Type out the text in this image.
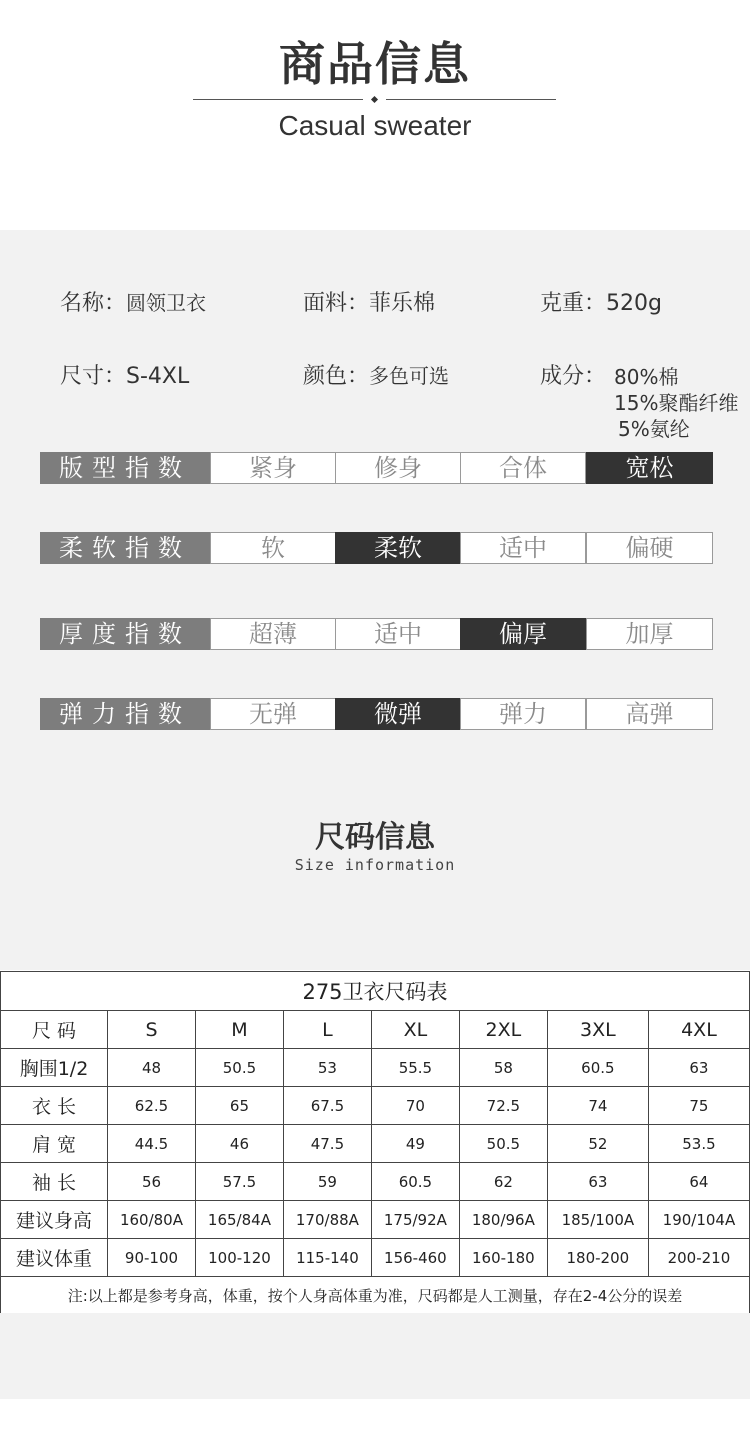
商品信息
Casual sweater
名称：圆领卫衣	面料：菲乐棉	克重：520g
尺寸：S-4XL	颜色：多色可选	成分： 80%棉
15%聚酯纤维
5%氨纶
版型指数	紧身	修身	合体	宽松
柔软指数	软	柔软	适中	偏硬
厚度指数	超薄	适中	偏厚	加厚
弹力指数	无弹	微弹	弹力	高弹
尺码信息
Size information
275卫衣尺码表							
尺 码	S	M	L	XL	2XL	3XL	4XL
胸围1/2	48	50.5	53	55.5	58	60.5	63
衣 长	62.5	65	67.5	70	72.5	74	75
肩 宽	44.5	46	47.5	49	50.5	52	53.5
袖 长	56	57.5	59	60.5	62	63	64
建议身高	160/80A	165/84A	170/88A	175/92A	180/96A	185/100A	190/104A
建议体重	90-100	100-120	115-140	156-460	160-180	180-200	200-210
注:以上都是参考身高，体重，按个人身高体重为准，尺码都是人工测量，存在2-4公分的误差							
